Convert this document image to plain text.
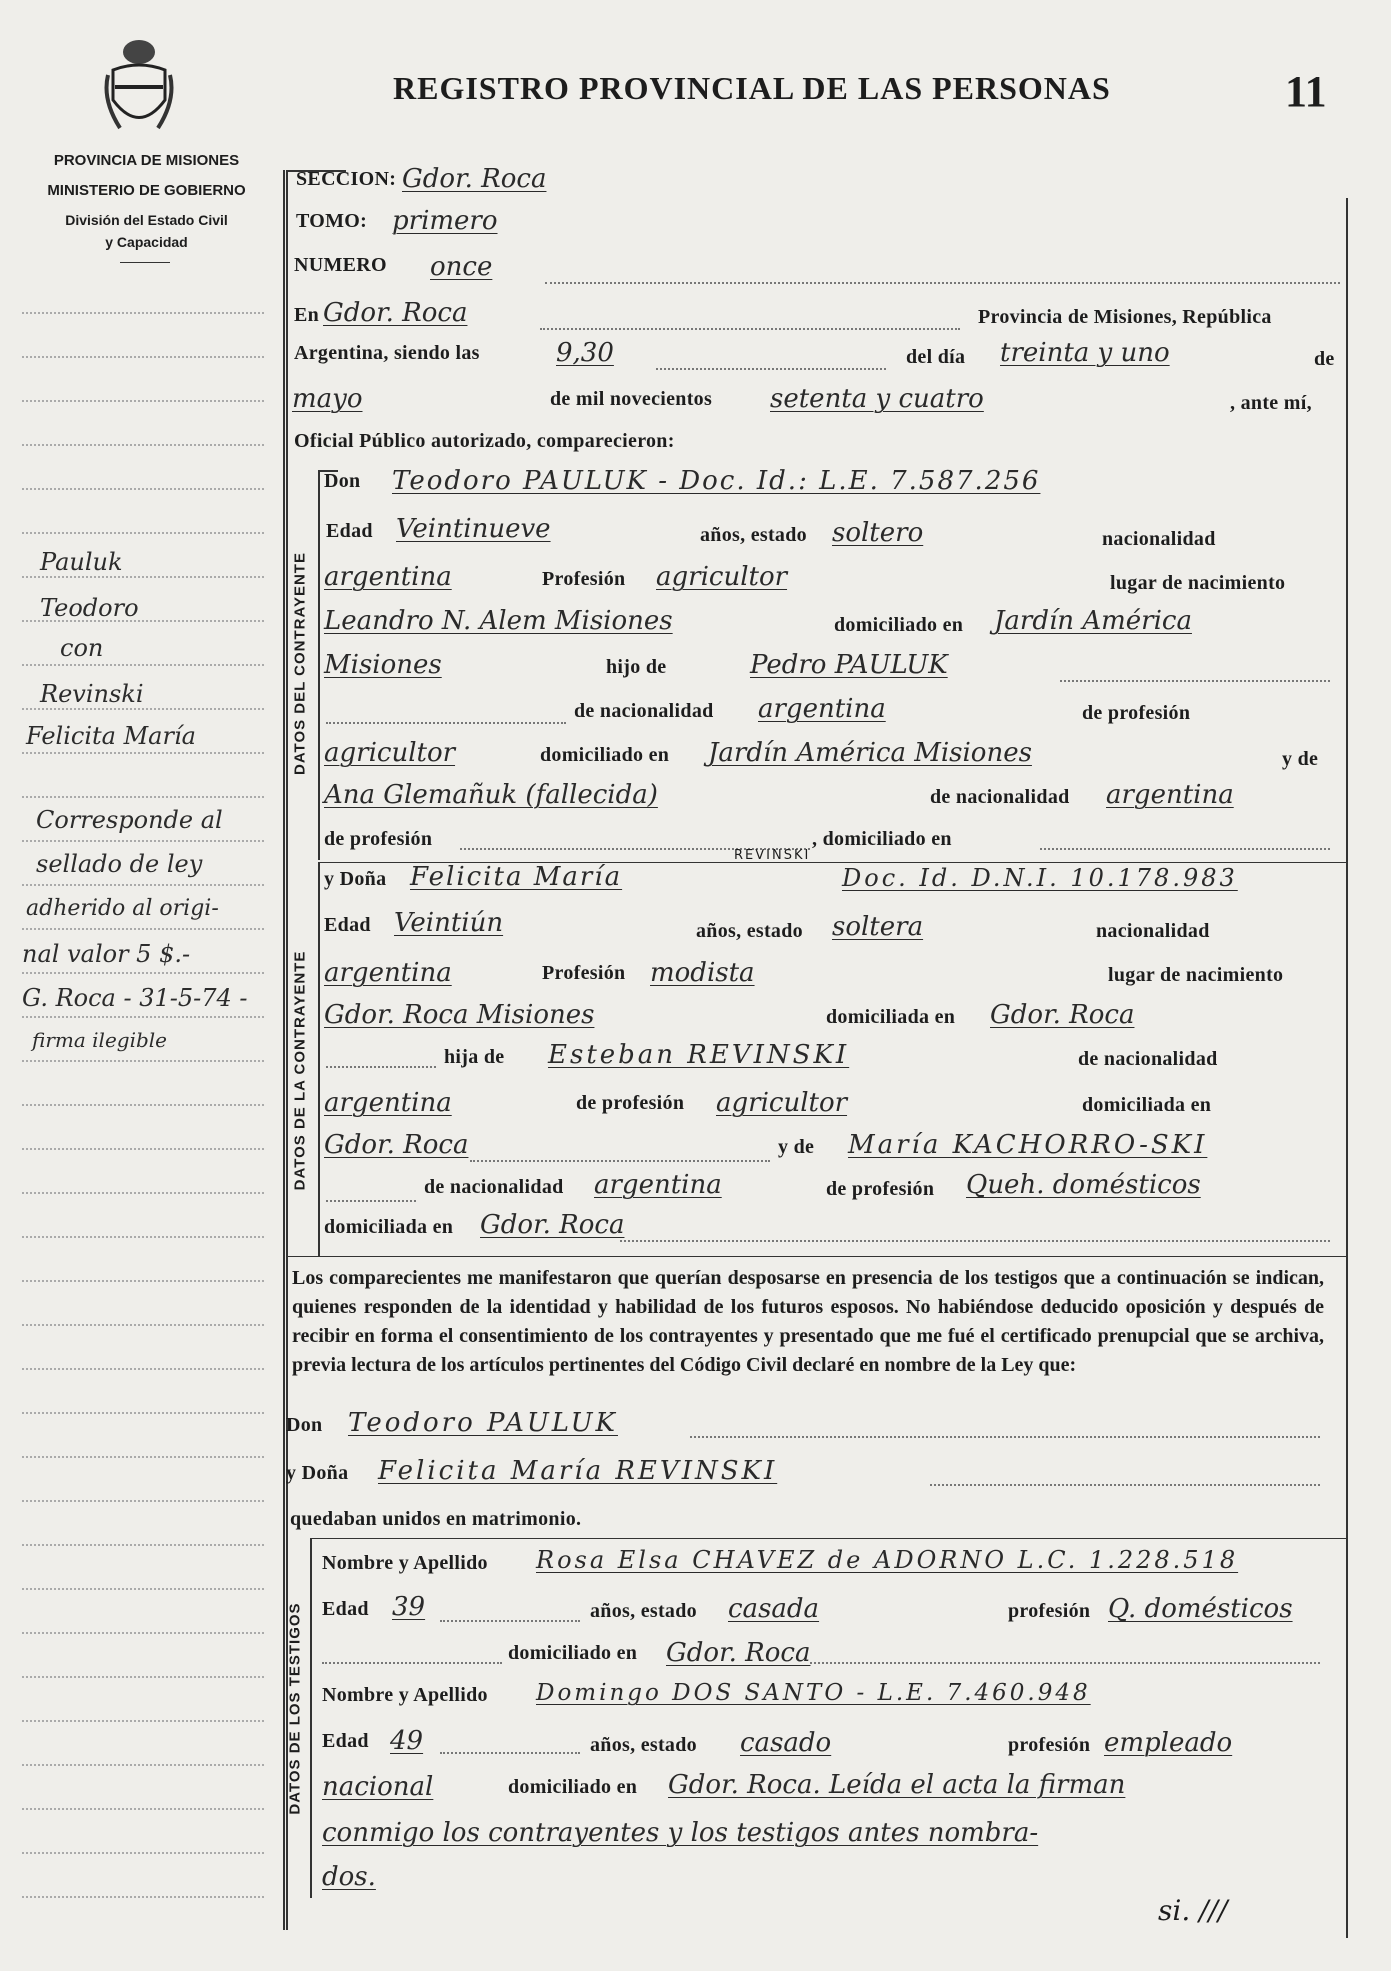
PROVINCIA DE MISIONES
MINISTERIO DE GOBIERNO
División del Estado Civil
y Capacidad
REGISTRO PROVINCIAL DE LAS PERSONAS	11
SECCION: Gdor. Roca
TOMO: primero
NUMERO once
En Gdor. Roca	Provincia de Misiones, República
Argentina, siendo las	9,30	del día treinta y uno	de
mayo	de mil novecientos setenta y cuatro	, ante mí,
Oficial Público autorizado, comparecieron:
DATOS DEL CONTRAYENTE
Don Teodoro PAULUK - Doc. Id.: L.E. 7.587.256
Edad Veintinueve	años, estado soltero	nacionalidad
argentina	Profesión agricultor	lugar de nacimiento
Leandro N. Alem Misiones	domiciliado en Jardín América
Misiones	hijo de	Pedro PAULUK
de nacionalidad argentina	de profesión
agricultor	domiciliado en Jardín América Misiones	y de
Ana Glemañuk (fallecida)	de nacionalidad argentina
de profesión	, domiciliado en
DATOS DE LA CONTRAYENTE
y Doña Felicita María
REVINSKI
Doc. Id. D.N.I. 10.178.983
Edad Veintiún	años, estado soltera	nacionalidad
argentina	Profesión modista	lugar de nacimiento
Gdor. Roca Misiones	domiciliada en Gdor. Roca
hija de Esteban REVINSKI	de nacionalidad
argentina	de profesión agricultor	domiciliada en
Gdor. Roca	y de María KACHORRO-SKI
de nacionalidad argentina	de profesión Queh. domésticos
domiciliada en Gdor. Roca
Los comparecientes me manifestaron que querían desposarse en presencia de los testigos que a continuación se indican, quienes responden de la identidad y habilidad de los futuros esposos. No habiéndose deducido oposición y después de recibir en forma el consentimiento de los contrayentes y presentado que me fué el certificado prenupcial que se archiva, previa lectura de los artículos pertinentes del Código Civil declaré en nombre de la Ley que:
Don Teodoro PAULUK
y Doña Felicita María REVINSKI
quedaban unidos en matrimonio.
DATOS DE LOS TESTIGOS
Nombre y Apellido Rosa Elsa CHAVEZ de ADORNO L.C. 1.228.518
Edad 39	años, estado casada	profesión Q. domésticos
domiciliado en Gdor. Roca
Nombre y Apellido Domingo DOS SANTO - L.E. 7.460.948
Edad 49	años, estado casado	profesión empleado
nacional	domiciliado en Gdor. Roca. Leída el acta la firman
conmigo los contrayentes y los testigos antes nombra-
dos.
si. ///
Pauluk
Teodoro
con
Revinski
Felicita María
Corresponde al
sellado de ley
adherido al origi-
nal valor 5 $.-
G. Roca - 31-5-74 -
firma ilegible
